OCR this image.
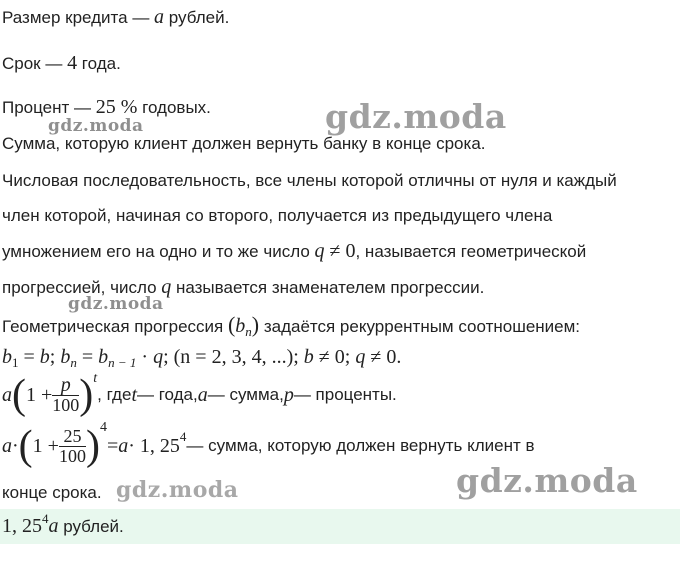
Размер кредита — a рублей.
Срок — 4 года.
Процент — 25 % годовых.	gdz.moda
gdz.moda
Сумма, которую клиент должен вернуть банку в конце срока.
Числовая последовательность, все члены которой отличны от нуля и каждый
член которой, начиная со второго, получается из предыдущего члена
умножением его на одно и то же число q ≠ 0, называется геометрической
прогрессией, число q называется знаменателем прогрессии.
gdz.moda
Геометрическая прогрессия (bn) задаётся рекуррентным соотношением:
$b_1 = b$; $b_n = b_{n - 1} \cdot q$; (n = 2, 3, 4, ...); b ≠ 0; q ≠ 0.
a ( $1 + \frac{p}{100}$ ) t
, где t — года, a — сумма, p — проценты.
a · ( $1 + \frac{25}{100}$ ) 4
= a · 1, 25 4 — сумма, которую должен вернуть клиент в
конце срока. gdz.moda	gdz.moda
1, $25^4a$ рублей.
